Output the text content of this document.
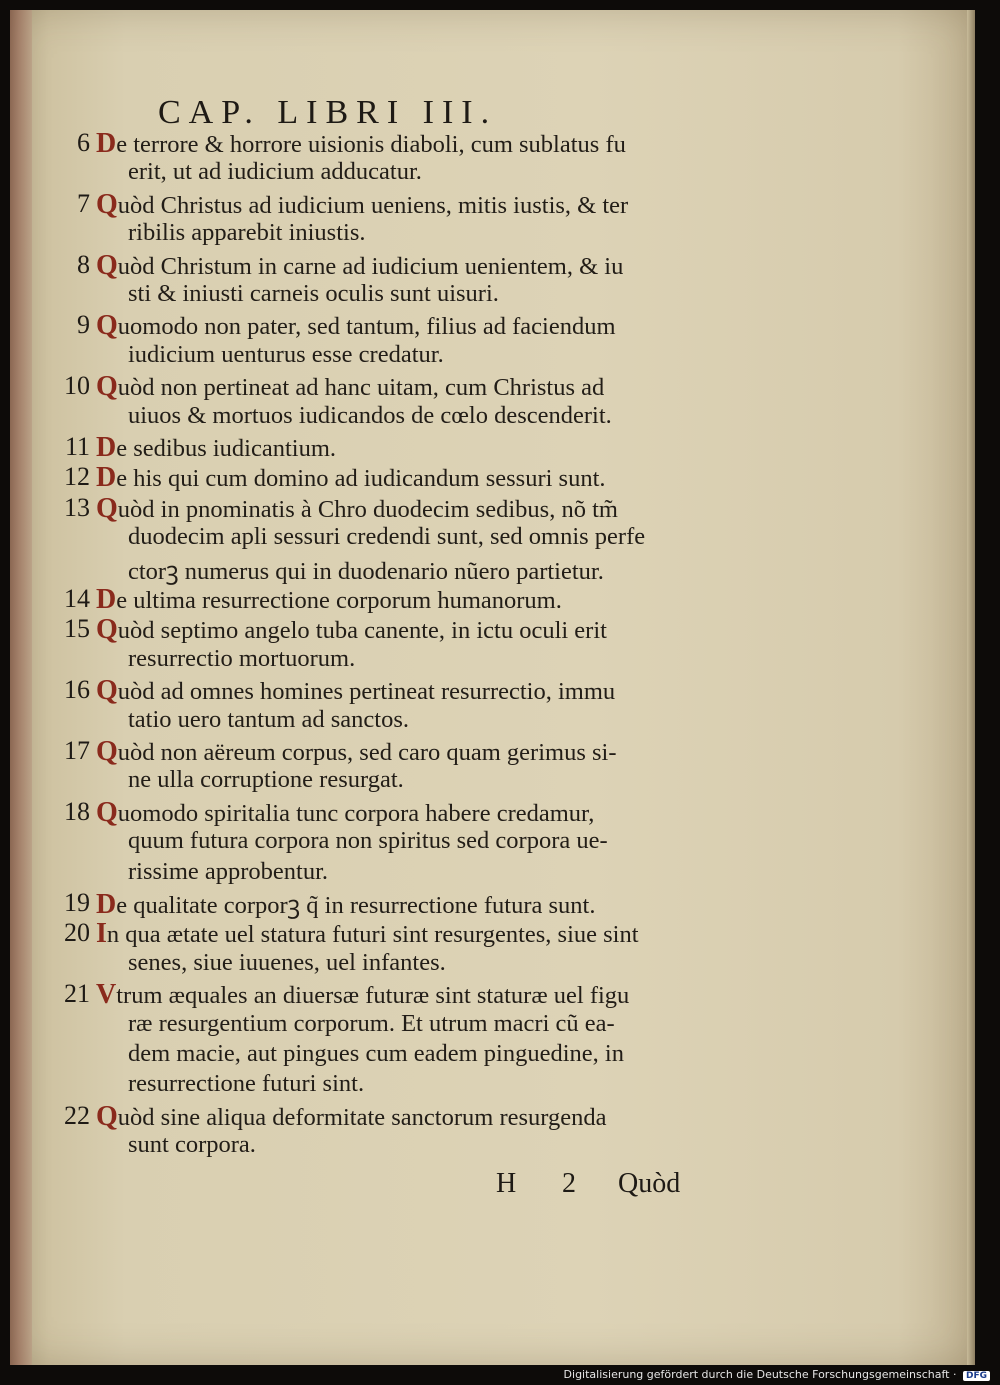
CAP. LIBRI III.
6 De terrore & horrore uisionis diaboli, cum sublatus fu
erit, ut ad iudicium adducatur.
7 Quòd Christus ad iudicium ueniens, mitis iustis, & ter
ribilis apparebit iniustis.
8 Quòd Christum in carne ad iudicium uenientem, & iu
sti & iniusti carneis oculis sunt uisuri.
9 Quomodo non pater, sed tantum, filius ad faciendum
iudicium uenturus esse credatur.
10 Quòd non pertineat ad hanc uitam, cum Christus ad
uiuos & mortuos iudicandos de cœlo descenderit.
11 De sedibus iudicantium.
12 De his qui cum domino ad iudicandum sessuri sunt.
13 Quòd in pnominatis à Chro duodecim sedibus, nõ tm̃
duodecim apli sessuri credendi sunt, sed omnis perfe
ctorꝫ numerus qui in duodenario nũero partietur.
14 De ultima resurrectione corporum humanorum.
15 Quòd septimo angelo tuba canente, in ictu oculi erit
resurrectio mortuorum.
16 Quòd ad omnes homines pertineat resurrectio, immu
tatio uero tantum ad sanctos.
17 Quòd non aëreum corpus, sed caro quam gerimus si-
ne ulla corruptione resurgat.
18 Quomodo spiritalia tunc corpora habere credamur,
quum futura corpora non spiritus sed corpora ue-
rissime approbentur.
19 De qualitate corporꝫ q̃ in resurrectione futura sunt.
20 In qua ætate uel statura futuri sint resurgentes, siue sint
senes, siue iuuenes, uel infantes.
21 Vtrum æquales an diuersæ futuræ sint staturæ uel figu
ræ resurgentium corporum. Et utrum macri cũ ea-
dem macie, aut pingues cum eadem pinguedine, in
resurrectione futuri sint.
22 Quòd sine aliqua deformitate sanctorum resurgenda
sunt corpora.
H 2 Quòd
Digitalisierung gefördert durch die Deutsche Forschungsgemeinschaft · DFG
